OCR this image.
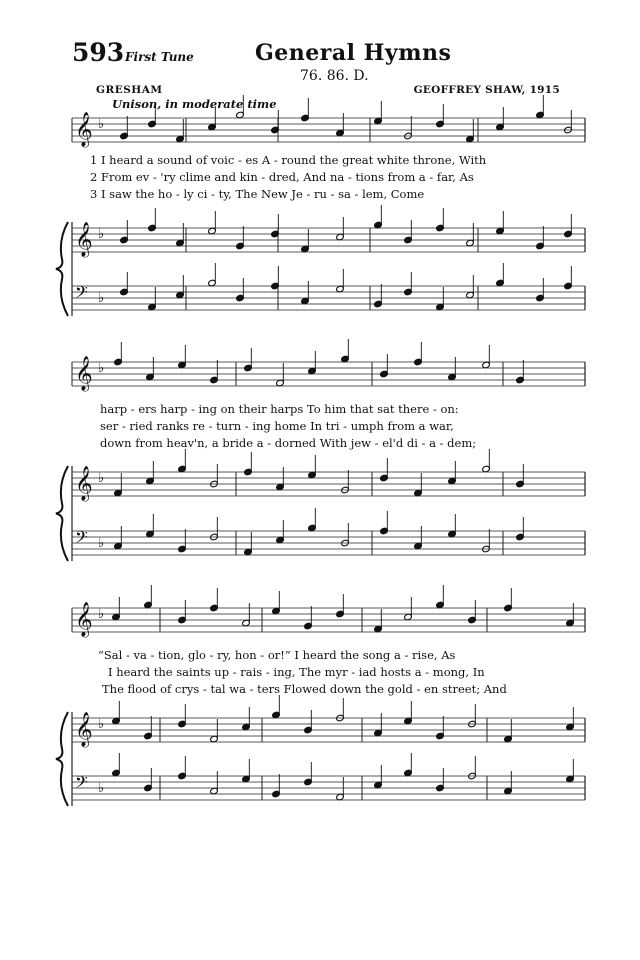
593 First Tune	General Hymns
76. 86. D.
GRESHAM	GEOFFREY SHAW, 1915
Unison, in moderate time
𝄞 ♭
𝄞 ♭
𝄢 ♭
𝄞 ♭
𝄞 ♭
𝄢 ♭
𝄞 ♭
𝄞 ♭
𝄢 ♭
1 I heard a sound of voic - es A - round the great white throne, With
2 From ev - 'ry clime and kin - dred, And na - tions from a - far, As
3 I saw the ho - ly ci - ty, The New Je - ru - sa - lem, Come
harp - ers harp - ing on their harps To him that sat there - on:
ser - ried ranks re - turn - ing home In tri - umph from a war,
down from heav'n, a bride a - dorned With jew - el'd di - a - dem;
“Sal - va - tion, glo - ry, hon - or!” I heard the song a - rise, As
I heard the saints up - rais - ing, The myr - iad hosts a - mong, In
The flood of crys - tal wa - ters Flowed down the gold - en street; And
